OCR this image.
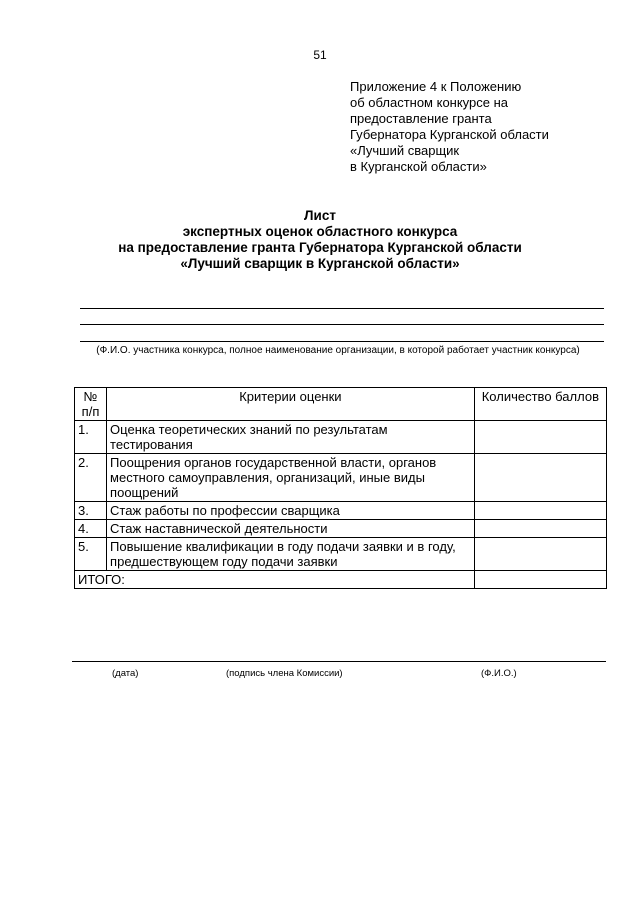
51
Приложение 4 к Положению
об областном конкурсе на
предоставление гранта
Губернатора Курганской области
«Лучший сварщик
в Курганской области»
Лист
экспертных оценок областного конкурса
на предоставление гранта Губернатора Курганской области
«Лучший сварщик в Курганской области»
(Ф.И.О. участника конкурса, полное наименование организации, в которой работает участник конкурса)
№ п/п	Критерии оценки	Количество баллов
1.	Оценка теоретических знаний по результатам тестирования	
2.	Поощрения органов государственной власти, органов местного самоуправления, организаций, иные виды поощрений	
3.	Стаж работы по профессии сварщика	
4.	Стаж наставнической деятельности	
5.	Повышение квалификации в году подачи заявки и в году, предшествующем году подачи заявки	
ИТОГО:		
(дата)	(подпись члена Комиссии)	(Ф.И.О.)
